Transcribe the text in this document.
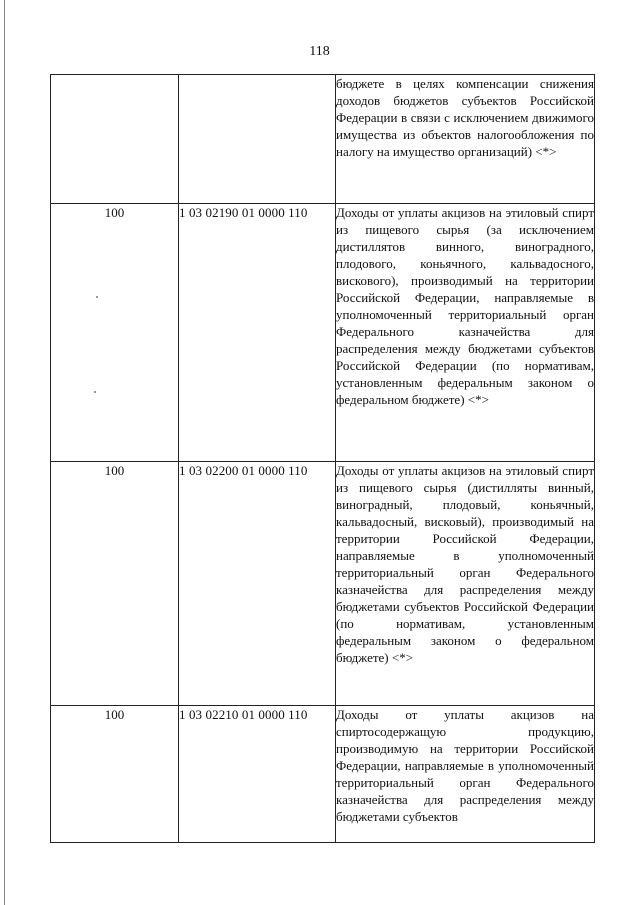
118
		бюджете в целях компенсации снижения доходов бюджетов субъектов Российской Федерации в связи с исключением движимого имущества из объектов налогообложения по налогу на имущество организаций) <*>
100	1 03 02190 01 0000 110	Доходы от уплаты акцизов на этиловый спирт из пищевого сырья (за исключением дистиллятов винного, виноградного, плодового, коньячного, кальвадосного, вискового), производимый на территории Российской Федерации, направляемые в уполномоченный территориальный орган Федерального казначейства для распределения между бюджетами субъектов Российской Федерации (по нормативам, установленным федеральным законом о федеральном бюджете) <*>
100	1 03 02200 01 0000 110	Доходы от уплаты акцизов на этиловый спирт из пищевого сырья (дистилляты винный, виноградный, плодовый, коньячный, кальвадосный, висковый), производимый на территории Российской Федерации, направляемые в уполномоченный территориальный орган Федерального казначейства для распределения между бюджетами субъектов Российской Федерации (по нормативам, установленным федеральным законом о федеральном бюджете) <*>
100	1 03 02210 01 0000 110	Доходы от уплаты акцизов на спиртосодержащую продукцию, производимую на территории Российской Федерации, направляемые в уполномоченный территориальный орган Федерального казначейства для распределения между бюджетами субъектов
